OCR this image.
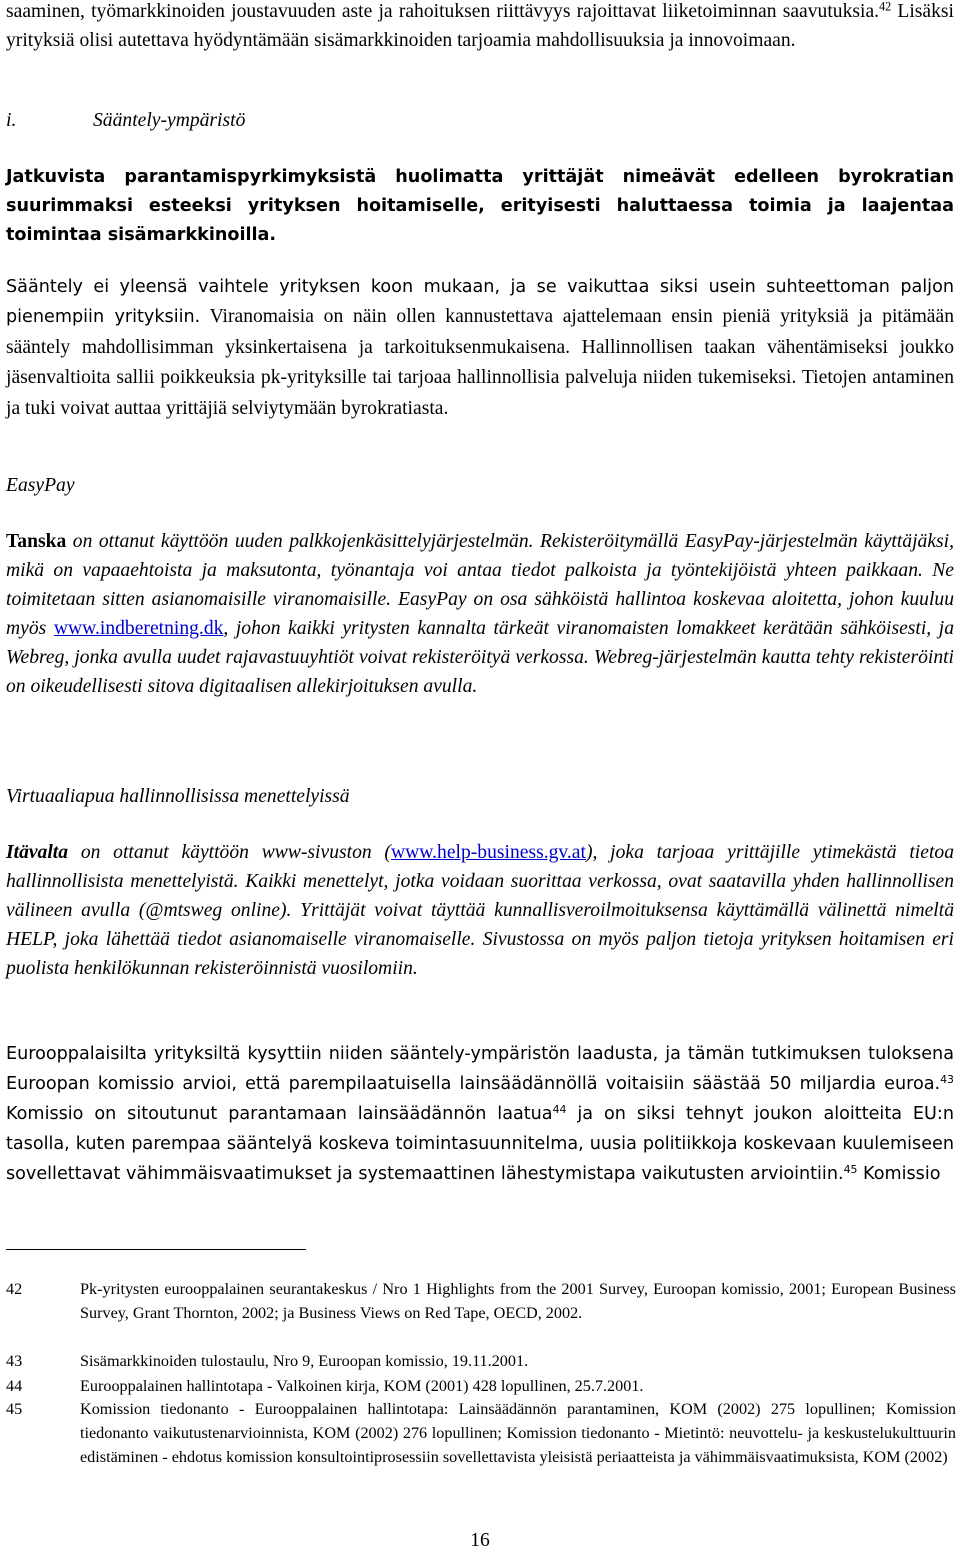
saaminen, työmarkkinoiden joustavuuden aste ja rahoituksen riittävyys rajoittavat liiketoiminnan saavutuksia.$^{42}$ Lisäksi yrityksiä olisi autettava hyödyntämään sisämarkkinoiden tarjoamia mahdollisuuksia ja innovoimaan.

i.	Sääntely-ympäristö

Jatkuvista parantamispyrkimyksistä huolimatta yrittäjät nimeävät edelleen byrokratian suurimmaksi esteeksi yrityksen hoitamiselle, erityisesti haluttaessa toimia ja laajentaa toimintaa sisämarkkinoilla.

Sääntely ei yleensä vaihtele yrityksen koon mukaan, ja se vaikuttaa siksi usein suhteettoman paljon pienempiin yrityksiin. Viranomaisia on näin ollen kannustettava ajattelemaan ensin pieniä yrityksiä ja pitämään sääntely mahdollisimman yksinkertaisena ja tarkoituksenmukaisena. Hallinnollisen taakan vähentämiseksi joukko jäsenvaltioita sallii poikkeuksia pk-yrityksille tai tarjoaa hallinnollisia palveluja niiden tukemiseksi. Tietojen antaminen ja tuki voivat auttaa yrittäjiä selviytymään byrokratiasta.

EasyPay

Tanska on ottanut käyttöön uuden palkkojenkäsittelyjärjestelmän. Rekisteröitymällä EasyPay-järjestelmän käyttäjäksi, mikä on vapaaehtoista ja maksutonta, työnantaja voi antaa tiedot palkoista ja työntekijöistä yhteen paikkaan. Ne toimitetaan sitten asianomaisille viranomaisille. EasyPay on osa sähköistä hallintoa koskevaa aloitetta, johon kuuluu myös www.indberetning.dk, johon kaikki yritysten kannalta tärkeät viranomaisten lomakkeet kerätään sähköisesti, ja Webreg, jonka avulla uudet rajavastuuyhtiöt voivat rekisteröityä verkossa. Webreg-järjestelmän kautta tehty rekisteröinti on oikeudellisesti sitova digitaalisen allekirjoituksen avulla.

Virtuaaliapua hallinnollisissa menettelyissä

Itävalta on ottanut käyttöön www-sivuston (www.help-business.gv.at), joka tarjoaa yrittäjille ytimekästä tietoa hallinnollisista menettelyistä. Kaikki menettelyt, jotka voidaan suorittaa verkossa, ovat saatavilla yhden hallinnollisen välineen avulla (@mtsweg online). Yrittäjät voivat täyttää kunnallisveroilmoituksensa käyttämällä välinettä nimeltä HELP, joka lähettää tiedot asianomaiselle viranomaiselle. Sivustossa on myös paljon tietoja yrityksen hoitamisen eri puolista henkilökunnan rekisteröinnistä vuosilomiin.

Eurooppalaisilta yrityksiltä kysyttiin niiden sääntely-ympäristön laadusta, ja tämän tutkimuksen tuloksena Euroopan komissio arvioi, että parempilaatuisella lainsäädännöllä voitaisiin säästää 50 miljardia euroa.$^{43}$ Komissio on sitoutunut parantamaan lainsäädännön laatua$^{44}$ ja on siksi tehnyt joukon aloitteita EU:n tasolla, kuten parempaa sääntelyä koskeva toimintasuunnitelma, uusia politiikkoja koskevaan kuulemiseen sovellettavat vähimmäisvaatimukset ja systemaattinen lähestymistapa vaikutusten arviointiin.$^{45}$ Komissio

42	Pk-yritysten eurooppalainen seurantakeskus / Nro 1 Highlights from the 2001 Survey, Euroopan komissio, 2001; European Business Survey, Grant Thornton, 2002; ja Business Views on Red Tape, OECD, 2002.

43	Sisämarkkinoiden tulostaulu, Nro 9, Euroopan komissio, 19.11.2001.

44	Eurooppalainen hallintotapa - Valkoinen kirja, KOM (2001) 428 lopullinen, 25.7.2001.

45	Komission tiedonanto - Eurooppalainen hallintotapa: Lainsäädännön parantaminen, KOM (2002) 275 lopullinen; Komission tiedonanto vaikutustenarvioinnista, KOM (2002) 276 lopullinen; Komission tiedonanto - Mietintö: neuvottelu- ja keskustelukulttuurin edistäminen - ehdotus komission konsultointiprosessiin sovellettavista yleisistä periaatteista ja vähimmäisvaatimuksista, KOM (2002)

16
